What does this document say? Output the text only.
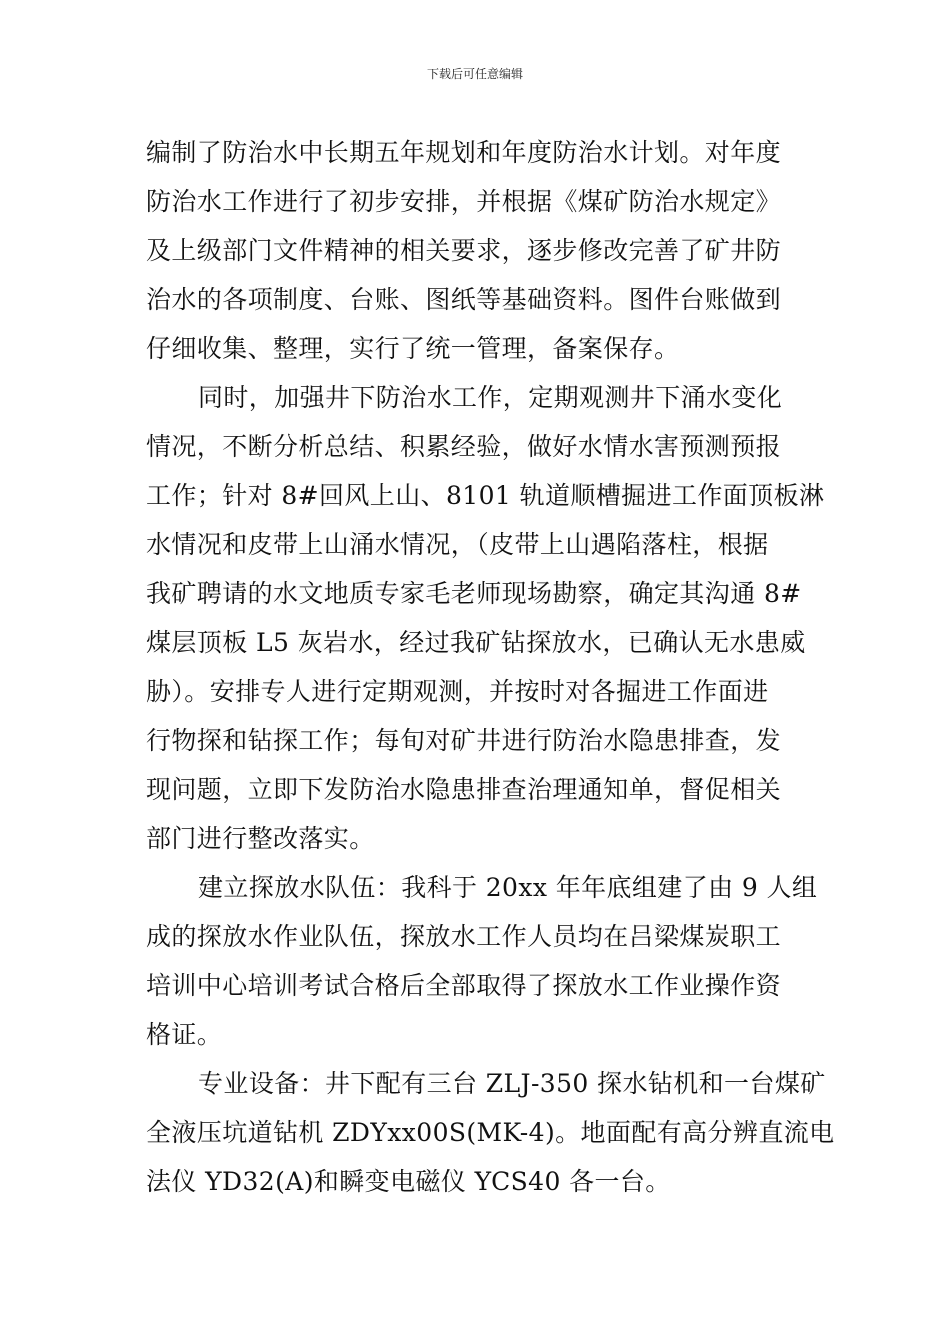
下载后可任意编辑
编制了防治水中长期五年规划和年度防治水计划。对年度
防治水工作进行了初步安排，并根据《煤矿防治水规定》
及上级部门文件精神的相关要求，逐步修改完善了矿井防
治水的各项制度、台账、图纸等基础资料。图件台账做到
仔细收集、整理，实行了统一管理，备案保存。
同时，加强井下防治水工作，定期观测井下涌水变化
情况，不断分析总结、积累经验，做好水情水害预测预报
工作；针对 8#回风上山、8101 轨道顺槽掘进工作面顶板淋
水情况和皮带上山涌水情况，（皮带上山遇陷落柱，根据
我矿聘请的水文地质专家毛老师现场勘察，确定其沟通 8#
煤层顶板 L5 灰岩水，经过我矿钻探放水，已确认无水患威
胁）。安排专人进行定期观测，并按时对各掘进工作面进
行物探和钻探工作；每旬对矿井进行防治水隐患排查，发
现问题，立即下发防治水隐患排查治理通知单，督促相关
部门进行整改落实。
建立探放水队伍：我科于 20xx 年年底组建了由 9 人组
成的探放水作业队伍，探放水工作人员均在吕梁煤炭职工
培训中心培训考试合格后全部取得了探放水工作业操作资
格证。
专业设备：井下配有三台 ZLJ-350 探水钻机和一台煤矿
全液压坑道钻机 ZDYxx00S(MK-4)。地面配有高分辨直流电
法仪 YD32(A)和瞬变电磁仪 YCS40 各一台。
